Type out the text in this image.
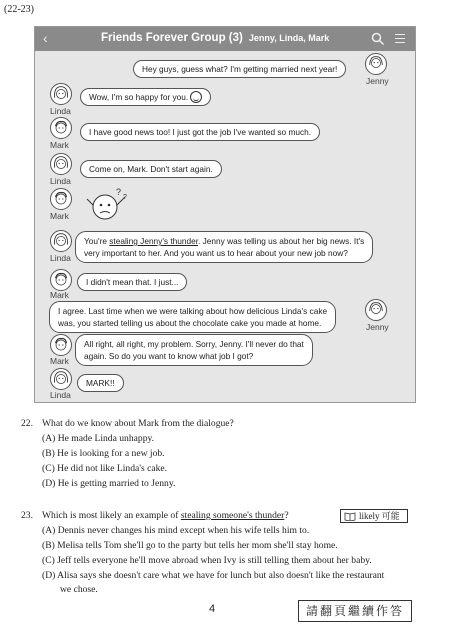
(22-23)
‹	Friends Forever Group (3) Jenny, Linda, Mark
Hey guys, guess what? I'm getting married next year!
Jenny
Linda
Wow, I'm so happy for you.
Mark
I have good news too! I just got the job I've wanted so much.
Linda
Come on, Mark. Don't start again.
Mark
?
?
Linda
You're stealing Jenny's thunder. Jenny was telling us about her big news. It's
very important to her. And you want us to hear about your new job now?
Mark
I didn't mean that. I just...
I agree. Last time when we were talking about how delicious Linda's cake
was, you started telling us about the chocolate cake you made at home.	Jenny
Mark
All right, all right, my problem. Sorry, Jenny. I'll never do that
again. So do you want to know what job I got?
Linda
MARK!!
22. What do we know about Mark from the dialogue?
(A) He made Linda unhappy.
(B) He is looking for a new job.
(C) He did not like Linda's cake.
(D) He is getting married to Jenny.
23. Which is most likely an example of stealing someone's thunder?	likely 可能
(A) Dennis never changes his mind except when his wife tells him to.
(B) Melisa tells Tom she'll go to the party but tells her mom she'll stay home.
(C) Jeff tells everyone he'll move abroad when Ivy is still telling them about her baby.
(D) Alisa says she doesn't care what we have for lunch but also doesn't like the restaurant
we chose.
4	請翻頁繼續作答
